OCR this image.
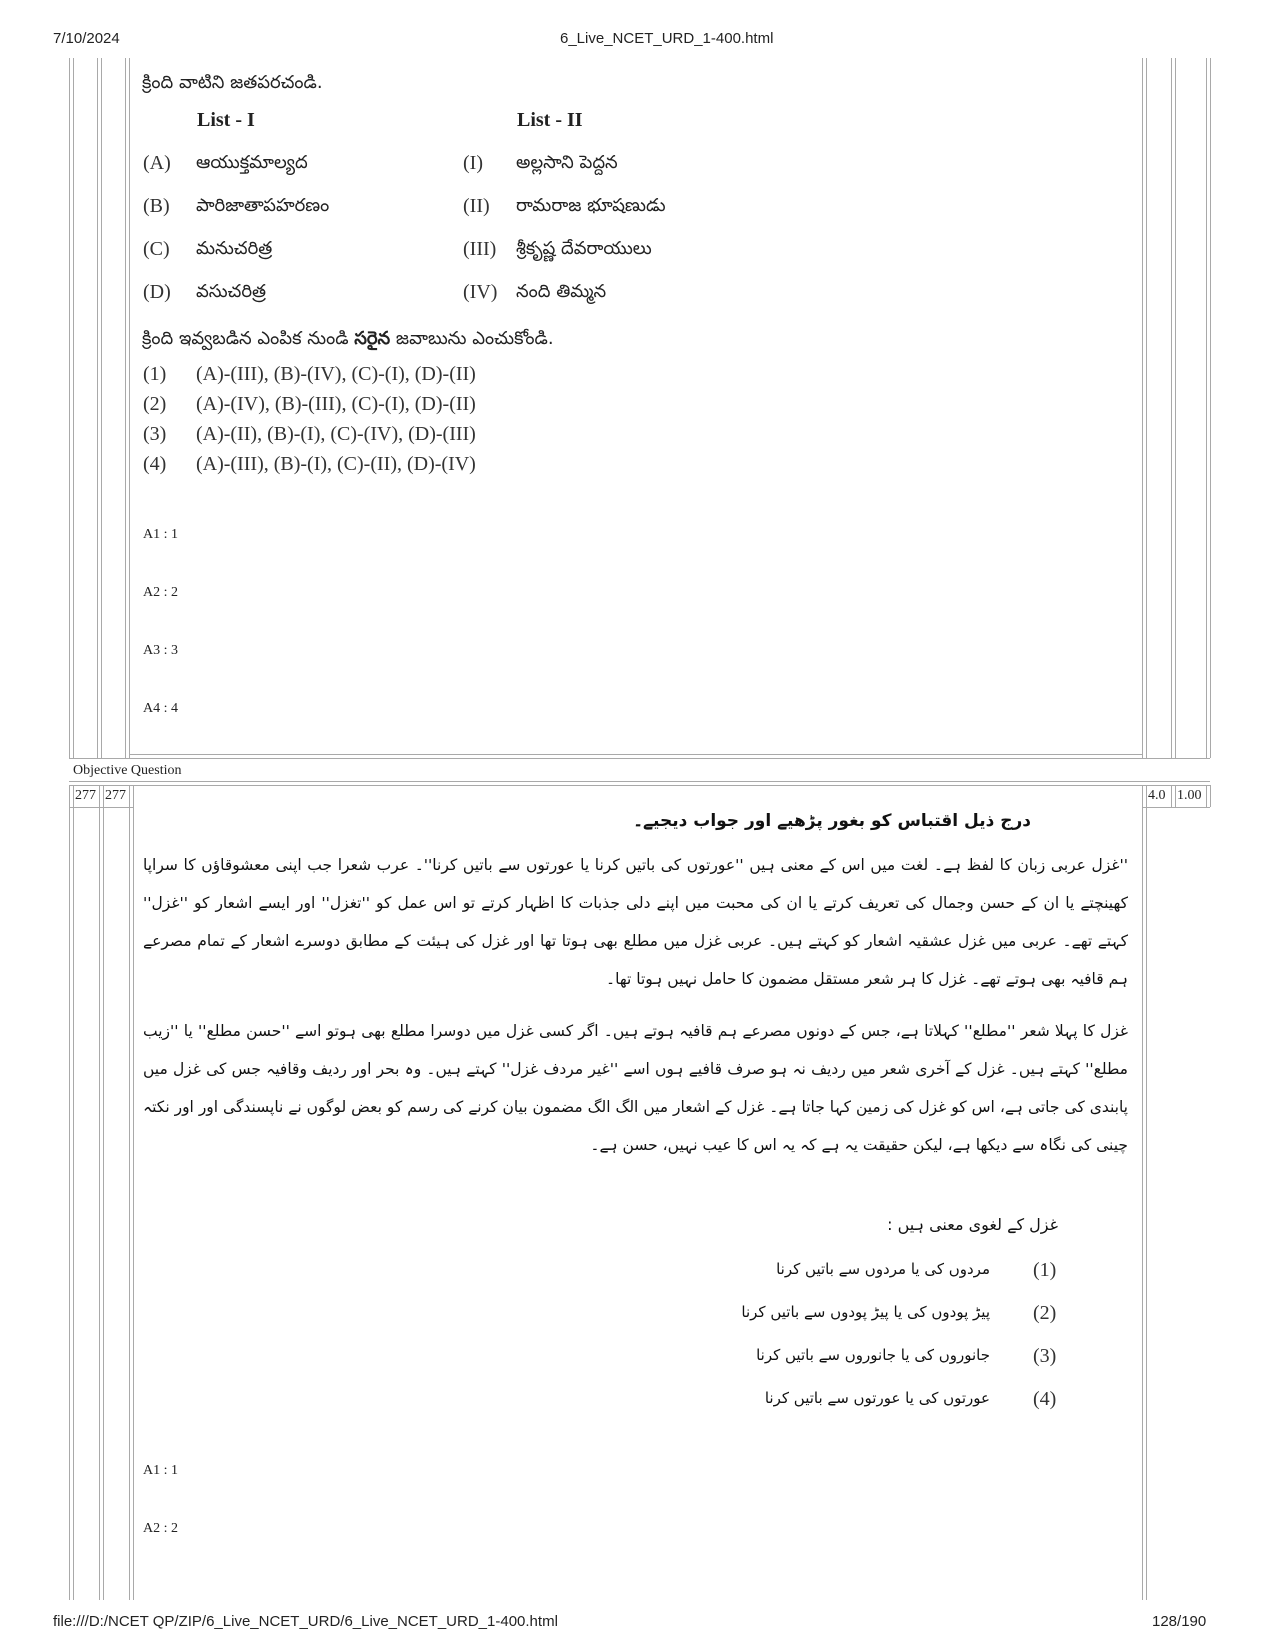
7/10/2024	6_Live_NCET_URD_1-400.html
Objective Question
277 277	4.0 1.00
క్రింది వాటిని జతపరచండి.
List - I	List - II
(A) ఆయుక్తమాల్యద	(I) అల్లసాని పెద్దన
(B) పారిజాతాపహరణం	(II) రామరాజ భూషణుడు
(C) మనుచరిత్ర	(III) శ్రీకృష్ణ దేవరాయులు
(D) వసుచరిత్ర	(IV) నంది తిమ్మన
క్రింది ఇవ్వబడిన ఎంపిక నుండి సరైన జవాబును ఎంచుకోండి.
(1) (A)-(III), (B)-(IV), (C)-(I), (D)-(II)
(2) (A)-(IV), (B)-(III), (C)-(I), (D)-(II)
(3) (A)-(II), (B)-(I), (C)-(IV), (D)-(III)
(4) (A)-(III), (B)-(I), (C)-(II), (D)-(IV)
A1 : 1
A2 : 2
A3 : 3
A4 : 4
درج ذیل اقتباس کو بغور پڑھیے اور جواب دیجیے۔
''غزل عربی زبان کا لفظ ہے۔ لغت میں اس کے معنی ہیں ''عورتوں کی باتیں کرنا یا عورتوں سے باتیں کرنا''۔ عرب شعرا جب اپنی معشوقاؤں کا سراپا کھینچتے یا ان کے حسن وجمال کی تعریف کرتے یا ان کی محبت میں اپنے دلی جذبات کا اظہار کرتے تو اس عمل کو ''تغزل'' اور ایسے اشعار کو ''غزل'' کہتے تھے۔ عربی میں غزل عشقیہ اشعار کو کہتے ہیں۔ عربی غزل میں مطلع بھی ہوتا تھا اور غزل کی ہیئت کے مطابق دوسرے اشعار کے تمام مصرعے ہم قافیہ بھی ہوتے تھے۔ غزل کا ہر شعر مستقل مضمون کا حامل نہیں ہوتا تھا۔
غزل کا پہلا شعر ''مطلع'' کہلاتا ہے، جس کے دونوں مصرعے ہم قافیہ ہوتے ہیں۔ اگر کسی غزل میں دوسرا مطلع بھی ہوتو اسے ''حسن مطلع'' یا ''زیب مطلع'' کہتے ہیں۔ غزل کے آخری شعر میں ردیف نہ ہو صرف قافیے ہوں اسے ''غیر مردف غزل'' کہتے ہیں۔ وہ بحر اور ردیف وقافیہ جس کی غزل میں پابندی کی جاتی ہے، اس کو غزل کی زمین کہا جاتا ہے۔ غزل کے اشعار میں الگ الگ مضمون بیان کرنے کی رسم کو بعض لوگوں نے ناپسندگی اور اور نکتہ چینی کی نگاہ سے دیکھا ہے، لیکن حقیقت یہ ہے کہ یہ اس کا عیب نہیں، حسن ہے۔
غزل کے لغوی معنی ہیں :
(1)
مردوں کی یا مردوں سے باتیں کرنا
(2)
پیڑ پودوں کی یا پیڑ پودوں سے باتیں کرنا
(3)
جانوروں کی یا جانوروں سے باتیں کرنا
(4)
عورتوں کی یا عورتوں سے باتیں کرنا
A1 : 1
A2 : 2
file:///D:/NCET QP/ZIP/6_Live_NCET_URD/6_Live_NCET_URD_1-400.html	128/190
